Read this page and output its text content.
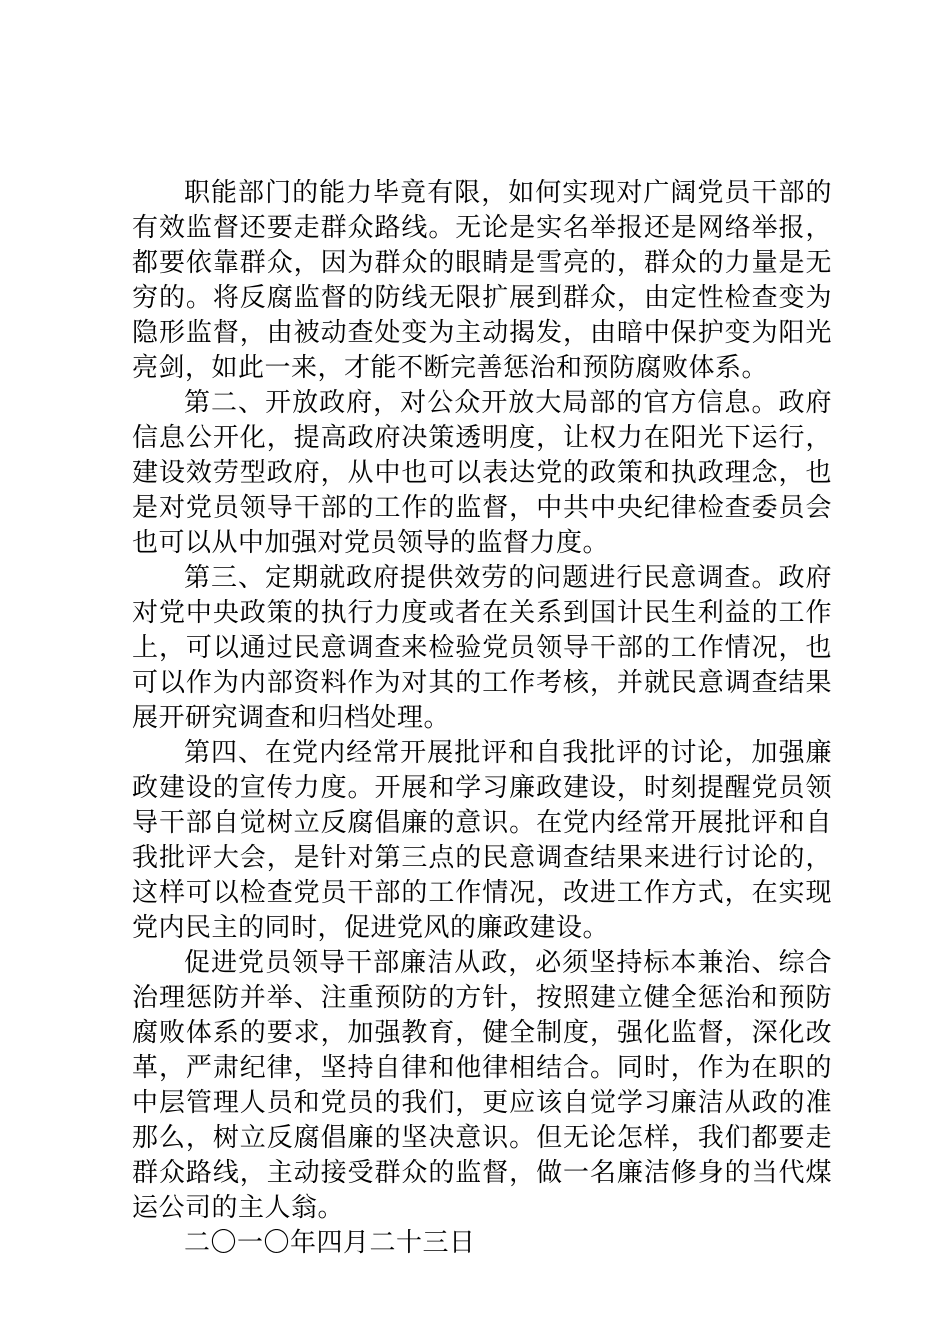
职能部门的能力毕竟有限，如何实现对广阔党员干部的有效监督还要走群众路线。无论是实名举报还是网络举报，都要依靠群众，因为群众的眼睛是雪亮的，群众的力量是无穷的。将反腐监督的防线无限扩展到群众，由定性检查变为隐形监督，由被动查处变为主动揭发，由暗中保护变为阳光亮剑，如此一来，才能不断完善惩治和预防腐败体系。

第二、开放政府，对公众开放大局部的官方信息。政府信息公开化，提高政府决策透明度，让权力在阳光下运行，建设效劳型政府，从中也可以表达党的政策和执政理念，也是对党员领导干部的工作的监督，中共中央纪律检查委员会也可以从中加强对党员领导的监督力度。

第三、定期就政府提供效劳的问题进行民意调查。政府对党中央政策的执行力度或者在关系到国计民生利益的工作上，可以通过民意调查来检验党员领导干部的工作情况，也可以作为内部资料作为对其的工作考核，并就民意调查结果展开研究调查和归档处理。

第四、在党内经常开展批评和自我批评的讨论，加强廉政建设的宣传力度。开展和学习廉政建设，时刻提醒党员领导干部自觉树立反腐倡廉的意识。在党内经常开展批评和自我批评大会，是针对第三点的民意调查结果来进行讨论的，这样可以检查党员干部的工作情况，改进工作方式，在实现党内民主的同时，促进党风的廉政建设。

促进党员领导干部廉洁从政，必须坚持标本兼治、综合治理惩防并举、注重预防的方针，按照建立健全惩治和预防腐败体系的要求，加强教育，健全制度，强化监督，深化改革，严肃纪律，坚持自律和他律相结合。同时，作为在职的中层管理人员和党员的我们，更应该自觉学习廉洁从政的准那么，树立反腐倡廉的坚决意识。但无论怎样，我们都要走群众路线，主动接受群众的监督，做一名廉洁修身的当代煤运公司的主人翁。

二〇一〇年四月二十三日
